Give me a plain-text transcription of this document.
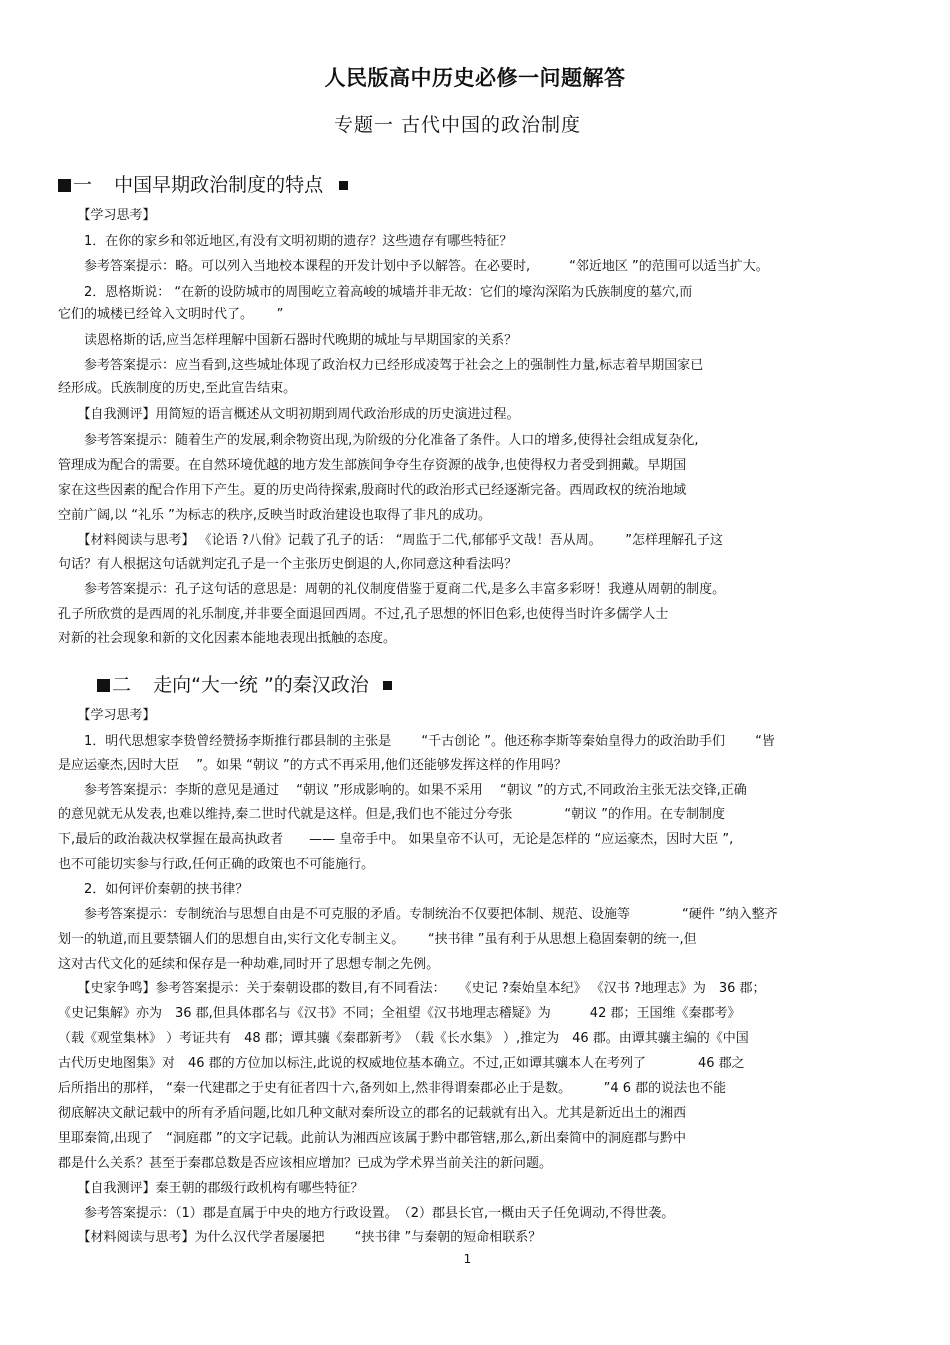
人民版高中历史必修一问题解答
专题一 古代中国的政治制度
一 中国早期政治制度的特点
二 走向“大一统 ”的秦汉政治
　　【学习思考】
　　1．在你的家乡和邻近地区,有没有文明初期的遗存？这些遗存有哪些特征？
　　参考答案提示：略。可以列入当地校本课程的开发计划中予以解答。在必要时,　　　“邻近地区 ”的范围可以适当扩大。
　　2．恩格斯说： “在新的设防城市的周围屹立着高峻的城墙并非无故：它们的壕沟深陷为氏族制度的墓穴,而
它们的城楼已经耸入文明时代了。　　 ”
　　读恩格斯的话,应当怎样理解中国新石器时代晚期的城址与早期国家的关系？
　　参考答案提示：应当看到,这些城址体现了政治权力已经形成凌驾于社会之上的强制性力量,标志着早期国家已
经形成。氏族制度的历史,至此宣告结束。
　　【自我测评】用简短的语言概述从文明初期到周代政治形成的历史演进过程。
　　参考答案提示：随着生产的发展,剩余物资出现,为阶级的分化准备了条件。人口的增多,使得社会组成复杂化,
管理成为配合的需要。在自然环境优越的地方发生部族间争夺生存资源的战争,也使得权力者受到拥戴。早期国
家在这些因素的配合作用下产生。夏的历史尚待探索,殷商时代的政治形式已经逐渐完备。西周政权的统治地域
空前广阔,以 “礼乐 ”为标志的秩序,反映当时政治建设也取得了非凡的成功。
　　【材料阅读与思考】 《论语 ?八佾》记载了孔子的话： “周监于二代,郁郁乎文哉！吾从周。　　 ”怎样理解孔子这
句话？有人根据这句话就判定孔子是一个主张历史倒退的人,你同意这种看法吗？
　　参考答案提示：孔子这句话的意思是：周朝的礼仪制度借鉴于夏商二代,是多么丰富多彩呀！我遵从周朝的制度。
孔子所欣赏的是西周的礼乐制度,并非要全面退回西周。不过,孔子思想的怀旧色彩,也使得当时许多儒学人士
对新的社会现象和新的文化因素本能地表现出抵触的态度。
　　【学习思考】
　　1．明代思想家李贽曾经赞扬李斯推行郡县制的主张是　　 “千古创论 ”。他还称李斯等秦始皇得力的政治助手们　　 “皆
是应运豪杰,因时大臣　 ”。如果 “朝议 ”的方式不再采用,他们还能够发挥这样的作用吗？
　　参考答案提示：李斯的意见是通过　 “朝议 ”形成影响的。如果不采用　 “朝议 ”的方式,不同政治主张无法交锋,正确
的意见就无从发表,也难以维持,秦二世时代就是这样。但是,我们也不能过分夸张　　　　“朝议 ”的作用。在专制制度
下,最后的政治裁决权掌握在最高执政者　　—— 皇帝手中。 如果皇帝不认可，无论是怎样的 “应运豪杰，因时大臣 ”,
也不可能切实参与行政,任何正确的政策也不可能施行。
　　2．如何评价秦朝的挟书律？
　　参考答案提示：专制统治与思想自由是不可克服的矛盾。专制统治不仅要把体制、规范、设施等　　　　“硬件 ”纳入整齐
划一的轨道,而且要禁锢人们的思想自由,实行文化专制主义。　　 “挟书律 ”虽有利于从思想上稳固秦朝的统一,但
这对古代文化的延续和保存是一种劫难,同时开了思想专制之先例。
　　【史家争鸣】参考答案提示：关于秦朝设郡的数目,有不同看法：　　《史记 ?秦始皇本纪》 《汉书 ?地理志》为　36 郡；
《史记集解》亦为　36 郡,但具体郡名与《汉书》不同；全祖望《汉书地理志稽疑》为　　　42 郡；王国维《秦郡考》
（载《观堂集林》 ）考证共有　48 郡；谭其骧《秦郡新考》　（载《长水集》 ）,推定为　46 郡。由谭其骧主编的《中国
古代历史地图集》对　46 郡的方位加以标注,此说的权威地位基本确立。不过,正如谭其骧本人在考列了　　　　46 郡之
后所指出的那样， “秦一代建郡之于史有征者四十六,备列如上,然非得谓秦郡必止于是数。　　　”4 6 郡的说法也不能
彻底解决文献记载中的所有矛盾问题,比如几种文献对秦所设立的郡名的记载就有出入。尤其是新近出土的湘西
里耶秦简,出现了　“洞庭郡 ”的文字记载。此前认为湘西应该属于黔中郡管辖,那么,新出秦简中的洞庭郡与黔中
郡是什么关系？甚至于秦郡总数是否应该相应增加？已成为学术界当前关注的新问题。
　　【自我测评】秦王朝的郡级行政机构有哪些特征？
　　参考答案提示：（1）郡是直属于中央的地方行政设置。　（2）郡县长官,一概由天子任免调动,不得世袭。
　　【材料阅读与思考】为什么汉代学者屡屡把　　 “挟书律 ”与秦朝的短命相联系？
1
